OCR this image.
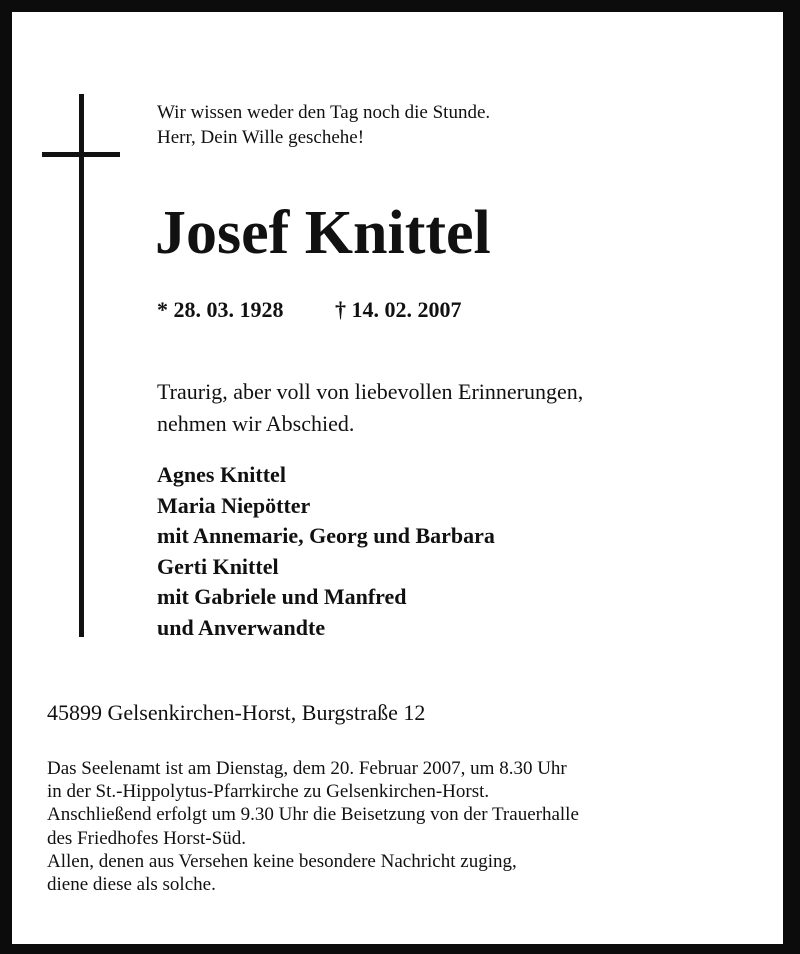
Wir wissen weder den Tag noch die Stunde.
Herr, Dein Wille geschehe!
Josef Knittel
* 28. 03. 1928 † 14. 02. 2007
Traurig, aber voll von liebevollen Erinnerungen,
nehmen wir Abschied.
Agnes Knittel
Maria Niepötter
mit Annemarie, Georg und Barbara
Gerti Knittel
mit Gabriele und Manfred
und Anverwandte
45899 Gelsenkirchen-Horst, Burgstraße 12
Das Seelenamt ist am Dienstag, dem 20. Februar 2007, um 8.30 Uhr
in der St.-Hippolytus-Pfarrkirche zu Gelsenkirchen-Horst.
Anschließend erfolgt um 9.30 Uhr die Beisetzung von der Trauerhalle
des Friedhofes Horst-Süd.
Allen, denen aus Versehen keine besondere Nachricht zuging,
diene diese als solche.
